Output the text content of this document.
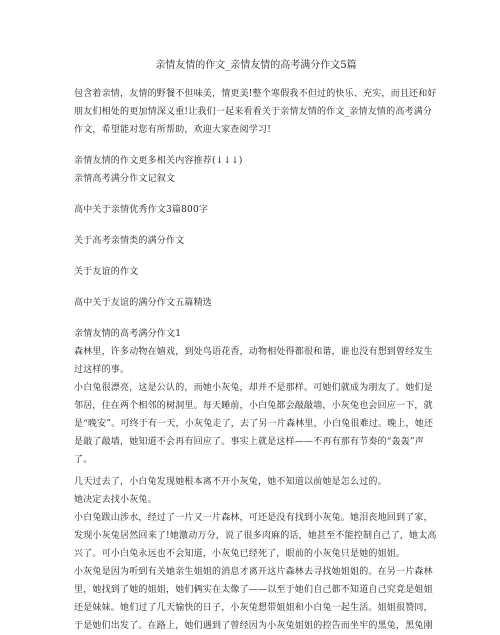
亲情友情的作文_亲情友情的高考满分作文5篇

包含着亲情，友情的野餐不但味美，情更美!整个寒假我不但过的快乐、充实，而且还和好

朋友们相处的更加情深义重!让我们一起来看看关于亲情友情的作文_亲情友情的高考满分

作文，希望能对您有所帮助，欢迎大家查阅学习!

亲情友情的作文更多相关内容推荐(↓↓↓)

亲情高考满分作文记叙文

高中关于亲情优秀作文3篇800字

关于高考亲情类的满分作文

关于友谊的作文

高中关于友谊的满分作文五篇精选

亲情友情的高考满分作文1

森林里，许多动物在嬉戏，到处鸟语花香，动物相处得都很和谐，谁也没有想到曾经发生

过这样的事。

小白兔很漂亮，这是公认的，而她小灰兔，却并不是那样。可她们就成为朋友了。她们是

邻居，住在两个相邻的树洞里。每天睡前，小白兔都会敲敲墙，小灰兔也会回应一下，就

是“晚安”。可终于有一天，小灰兔走了，去了另一片森林里，小白兔很难过。晚上，她还

是敲了敲墙，她知道不会再有回应了。事实上就是这样——不再有那有节奏的“轰轰”声了。

几天过去了，小白兔发现她根本离不开小灰兔，她不知道以前她是怎么过的。

她决定去找小灰兔。

小白兔跋山涉水，经过了一片又一片森林，可还是没有找到小灰兔。她泪丧地回到了家，

发现小灰兔居然回来了!她激动万分，说了很多肉麻的话，她甚至不能控制自己了，她太高

兴了。可小白兔永远也不会知道，小灰兔已经死了，眼前的小灰兔只是她的姐姐。

小灰兔是因为听到有关她亲生姐姐的消息才离开这片森林去寻找她姐姐的。在另一片森林

里，她找到了她的姐姐，她们俩实在太像了——以至于她们自己都不知道自己究竟是姐姐

还是妹妹。她们过了几天愉快的日子，小灰兔想带姐姐和小白兔一起生活。姐姐很赞同，

于是她们出发了。在路上，她们遇到了曾经因为小灰兔姐姐的控告而坐牢的黑兔，黑兔刚
